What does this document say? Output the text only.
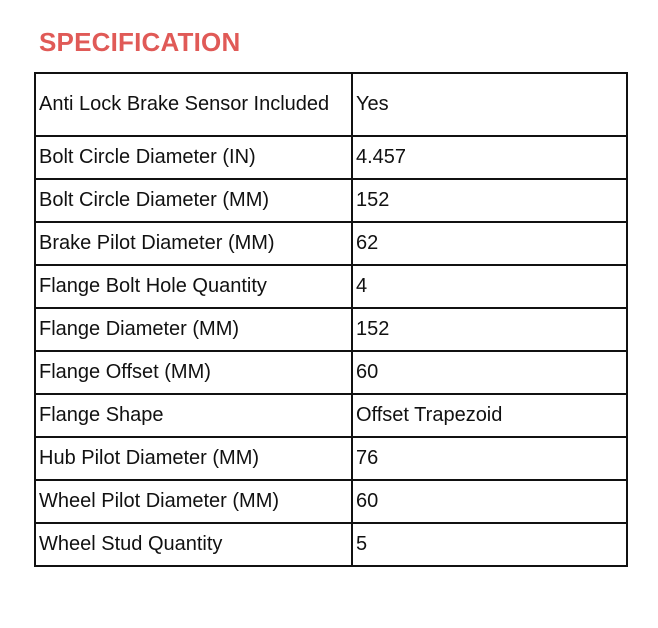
SPECIFICATION
Anti Lock Brake Sensor Included	Yes
Bolt Circle Diameter (IN)	4.457
Bolt Circle Diameter (MM)	152
Brake Pilot Diameter (MM)	62
Flange Bolt Hole Quantity	4
Flange Diameter (MM)	152
Flange Offset (MM)	60
Flange Shape	Offset Trapezoid
Hub Pilot Diameter (MM)	76
Wheel Pilot Diameter (MM)	60
Wheel Stud Quantity	5
